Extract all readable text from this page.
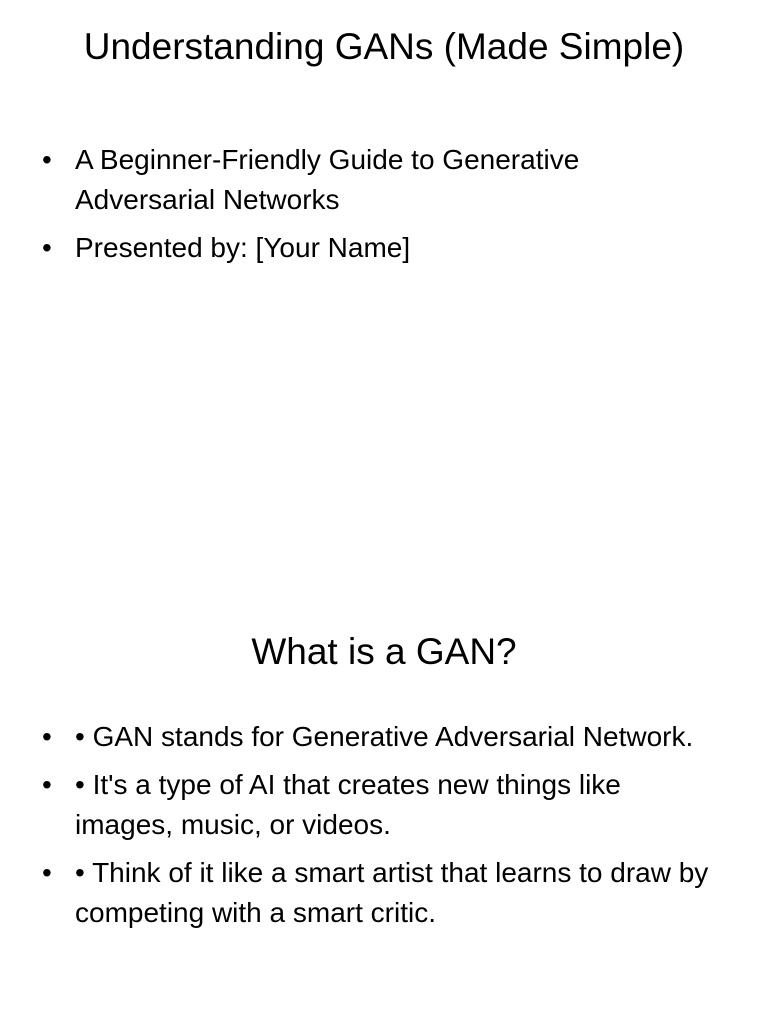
Understanding GANs (Made Simple)
• A Beginner-Friendly Guide to Generative Adversarial Networks
• Presented by: [Your Name]
What is a GAN?
• • GAN stands for Generative Adversarial Network.
• • It's a type of AI that creates new things like images, music, or videos.
• • Think of it like a smart artist that learns to draw by competing with a smart critic.
